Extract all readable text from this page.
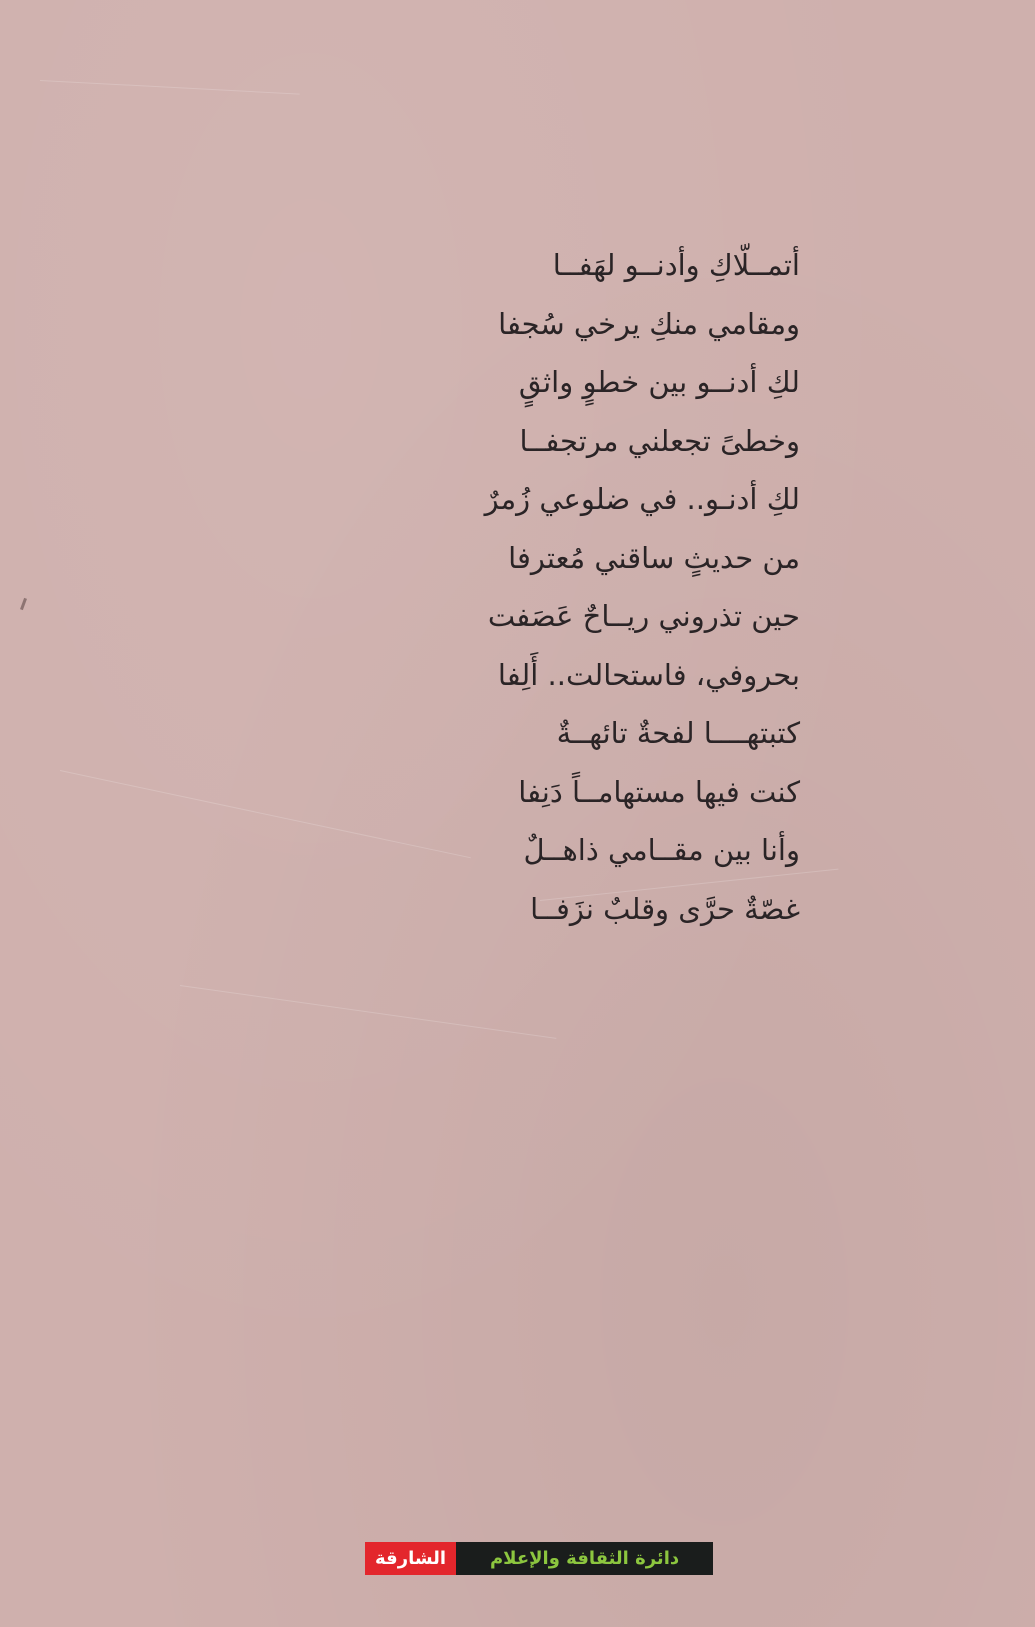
أتمــلّاكِ وأدنــو لهَفــا
ومقامي منكِ يرخي سُجفا
لكِ أدنــو بين خطوٍ واثقٍ
وخطىً تجعلني مرتجفــا
لكِ أدنـو.. في ضلوعي زُمرٌ
من حديثٍ ساقني مُعترفا
حين تذروني ريــاحٌ عَصَفت
بحروفي، فاستحالت.. أَلِفا
كتبتهــــا لفحةٌ تائهــةٌ
كنت فيها مستهامــاً دَنِفا
وأنا بين مقــامي ذاهــلٌ
غصّةٌ حرَّى وقلبٌ نزَفــا
دائرة الثقافة والإعلام
الشارقة
